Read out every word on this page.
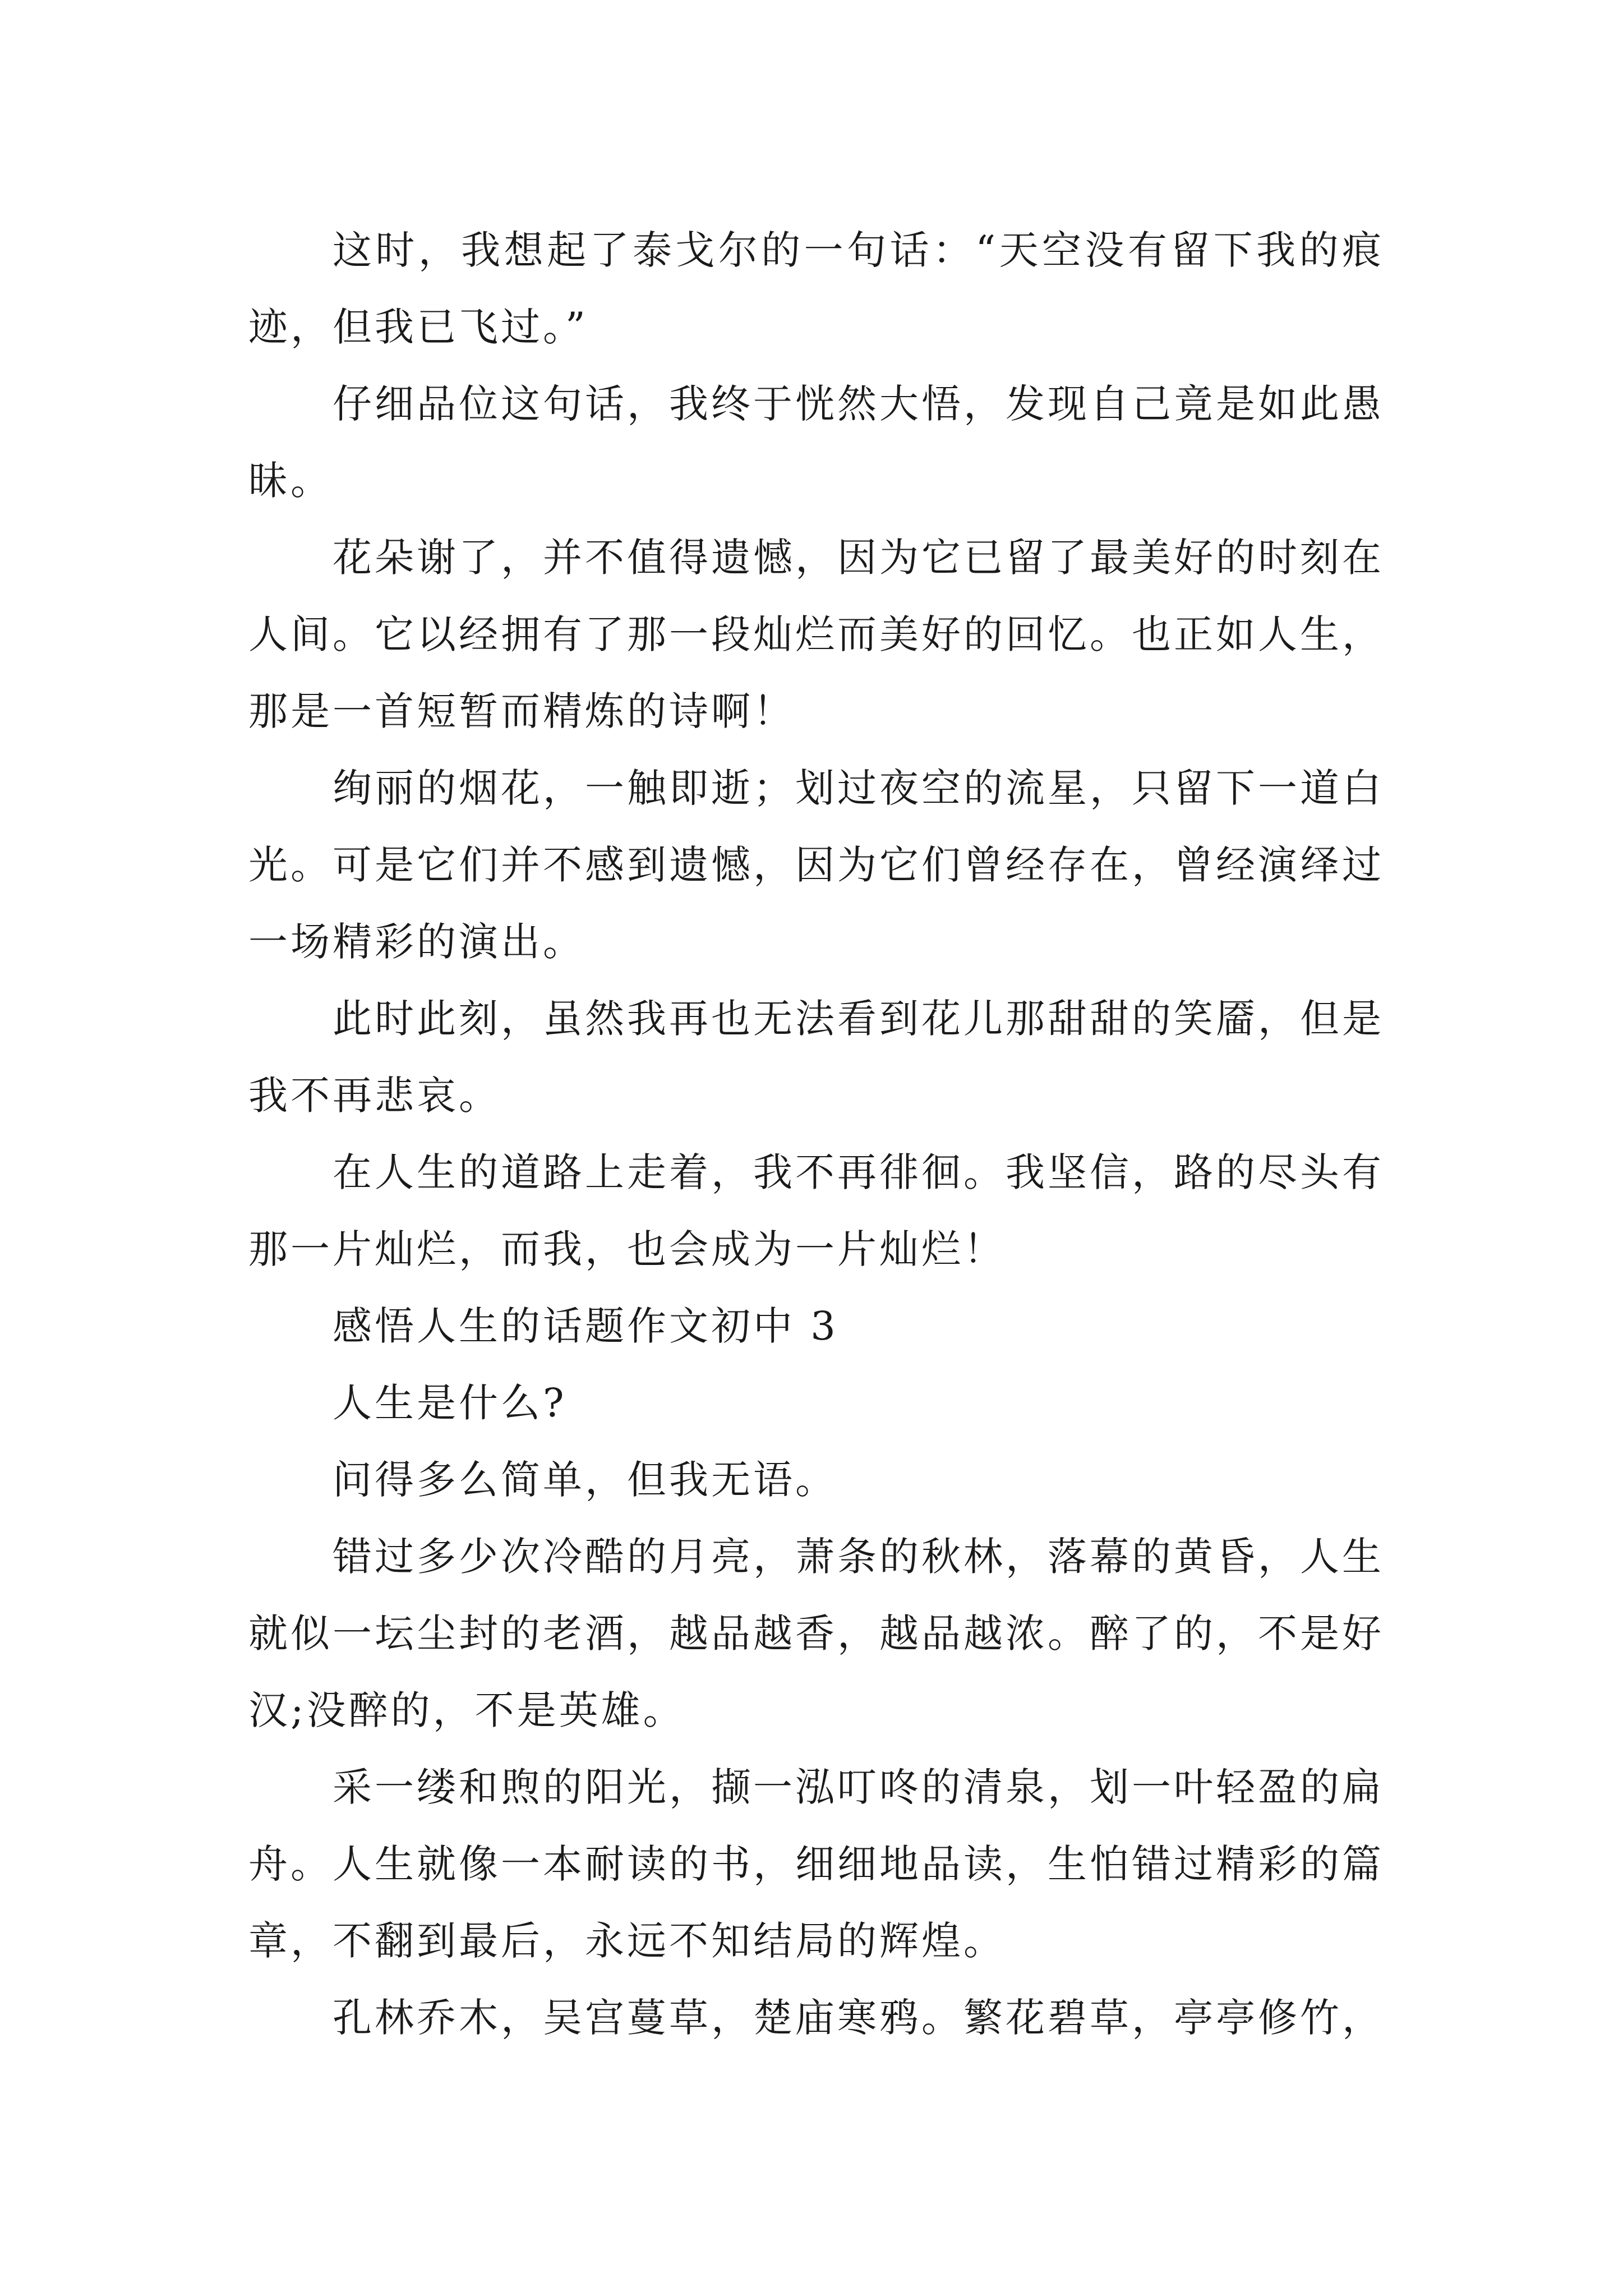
这时，我想起了泰戈尔的一句话：“天空没有留下我的痕迹，但我已飞过。”

仔细品位这句话，我终于恍然大悟，发现自己竟是如此愚昧。

花朵谢了，并不值得遗憾，因为它已留了最美好的时刻在人间。它以经拥有了那一段灿烂而美好的回忆。也正如人生，那是一首短暂而精炼的诗啊！

绚丽的烟花，一触即逝；划过夜空的流星，只留下一道白光。可是它们并不感到遗憾，因为它们曾经存在，曾经演绎过一场精彩的演出。

此时此刻，虽然我再也无法看到花儿那甜甜的笑靥，但是我不再悲哀。

在人生的道路上走着，我不再徘徊。我坚信，路的尽头有那一片灿烂，而我，也会成为一片灿烂！

感悟人生的话题作文初中 3

人生是什么?

问得多么简单，但我无语。

错过多少次冷酷的月亮，萧条的秋林，落幕的黄昏，人生就似一坛尘封的老酒，越品越香，越品越浓。醉了的，不是好汉;没醉的，不是英雄。

采一缕和煦的阳光，撷一泓叮咚的清泉，划一叶轻盈的扁舟。人生就像一本耐读的书，细细地品读，生怕错过精彩的篇章，不翻到最后，永远不知结局的辉煌。

孔林乔木，吴宫蔓草，楚庙寒鸦。繁花碧草，亭亭修竹，
